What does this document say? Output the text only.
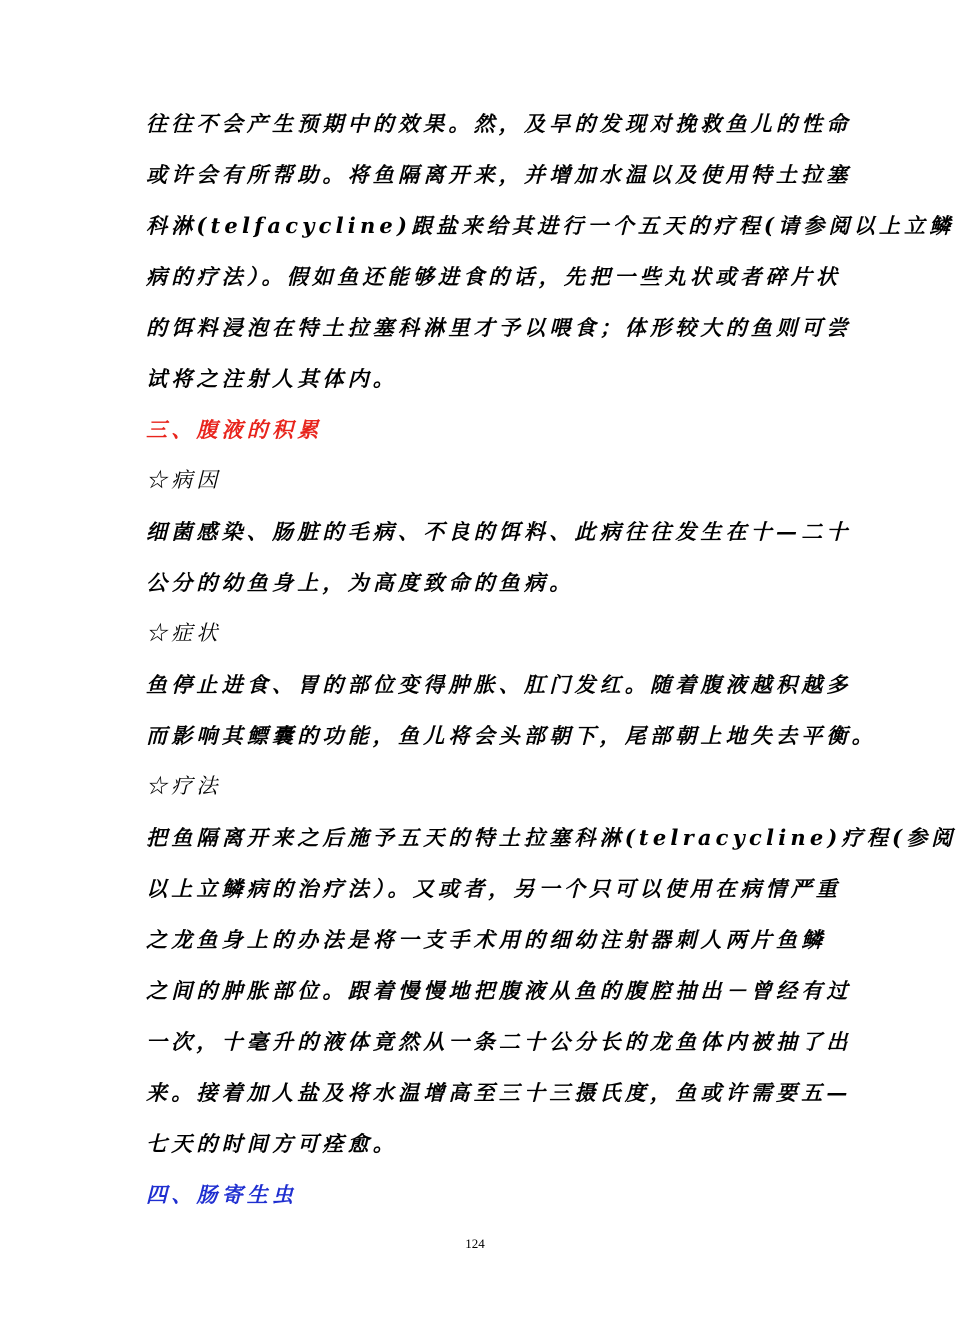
往往不会产生预期中的效果。然，及早的发现对挽救鱼儿的性命
或许会有所帮助。将鱼隔离开来，并增加水温以及使用特土拉塞
科淋(telfacycline)跟盐来给其进行一个五天的疗程(请参阅以上立鳞
病的疗法）。假如鱼还能够进食的话，先把一些丸状或者碎片状
的饵料浸泡在特土拉塞科淋里才予以喂食；体形较大的鱼则可尝
试将之注射人其体内。
三、腹液的积累
☆病因
细菌感染、肠脏的毛病、不良的饵料、此病往往发生在十—二十
公分的幼鱼身上，为高度致命的鱼病。
☆症状
鱼停止进食、胃的部位变得肿胀、肛门发红。随着腹液越积越多
而影响其鳔囊的功能，鱼儿将会头部朝下，尾部朝上地失去平衡。
☆疗法
把鱼隔离开来之后施予五天的特土拉塞科淋(telracycline)疗程(参阅
以上立鳞病的治疗法）。又或者，另一个只可以使用在病情严重
之龙鱼身上的办法是将一支手术用的细幼注射器刺人两片鱼鳞
之间的肿胀部位。跟着慢慢地把腹液从鱼的腹腔抽出－曾经有过
一次，十毫升的液体竟然从一条二十公分长的龙鱼体内被抽了出
来。接着加人盐及将水温增高至三十三摄氏度，鱼或许需要五—
七天的时间方可痊愈。
四、肠寄生虫
124
